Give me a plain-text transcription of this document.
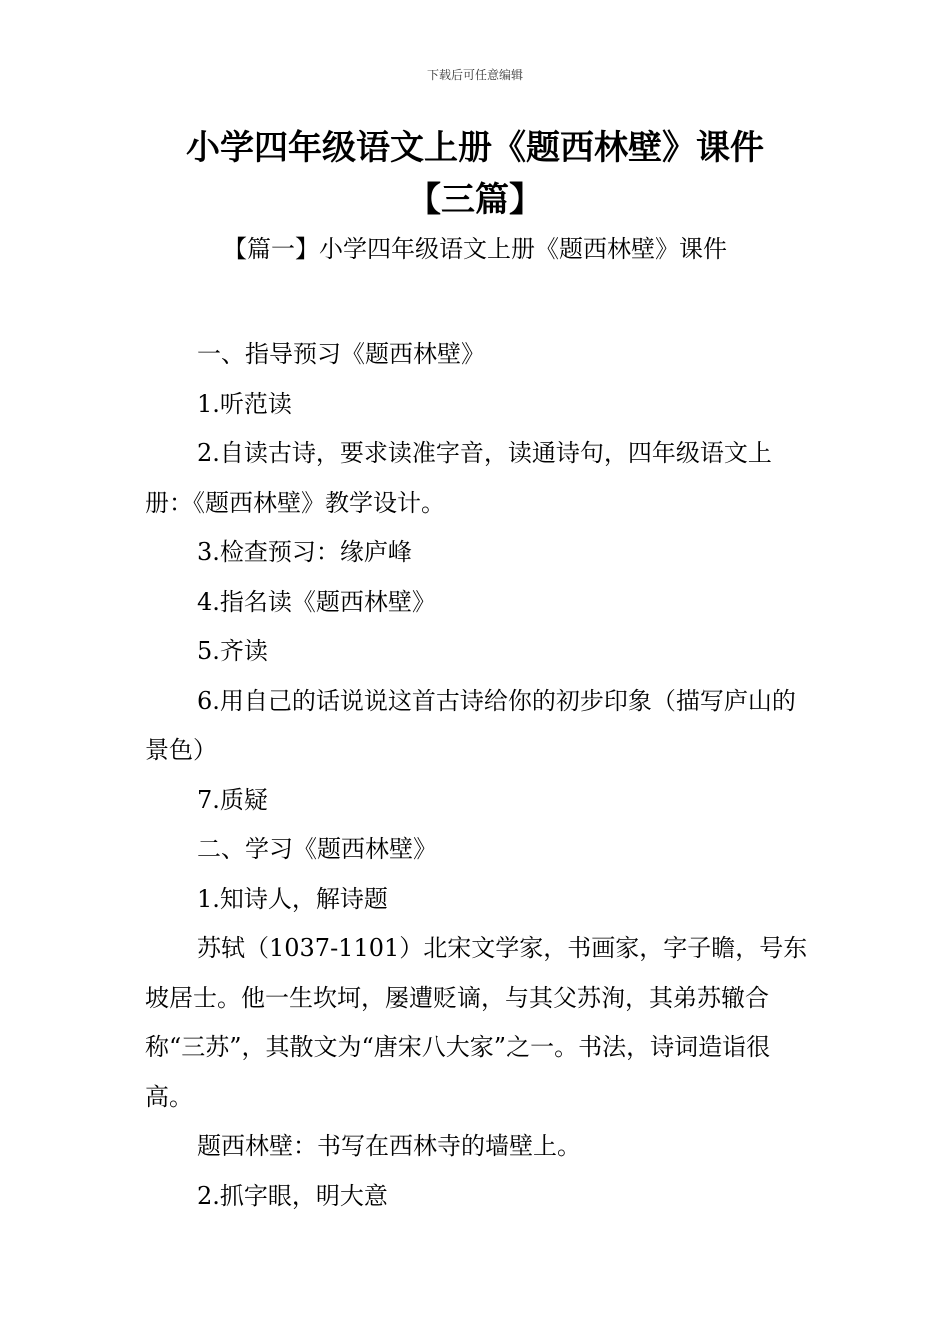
下载后可任意编辑
小学四年级语文上册《题西林壁》课件
【三篇】
【篇一】小学四年级语文上册《题西林壁》课件

一、指导预习《题西林壁》

1.听范读

2.自读古诗，要求读准字音，读通诗句，四年级语文上册：《题西林壁》教学设计。

3.检查预习：缘庐峰

4.指名读《题西林壁》

5.齐读

6.用自己的话说说这首古诗给你的初步印象（描写庐山的景色）

7.质疑

二、学习《题西林壁》

1.知诗人，解诗题

苏轼（1037-1101）北宋文学家，书画家，字子瞻，号东坡居士。他一生坎坷，屡遭贬谪，与其父苏洵，其弟苏辙合称“三苏”，其散文为“唐宋八大家”之一。书法，诗词造诣很高。

题西林壁：书写在西林寺的墙壁上。

2.抓字眼，明大意
